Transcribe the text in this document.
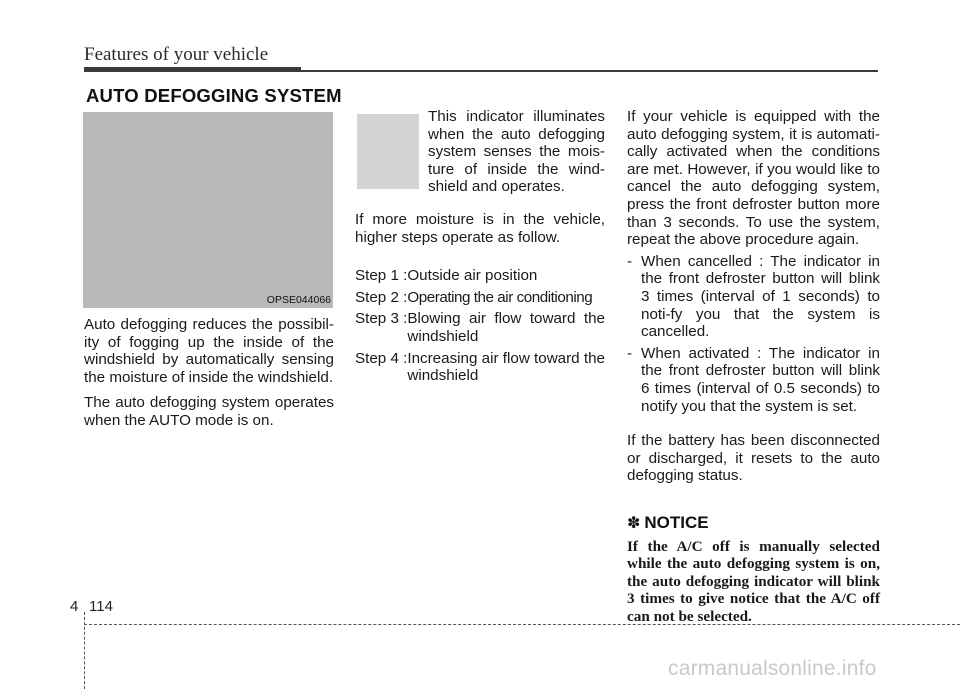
Features of your vehicle
AUTO DEFOGGING SYSTEM
OPSE044066

Auto defogging reduces the possibil-ity of fogging up the inside of the windshield by automatically sensing the moisture of inside the windshield.

The auto defogging system operates when the AUTO mode is on.

This indicator illuminates when the auto defogging system senses the mois-ture of inside the wind-shield and operates.

If more moisture is in the vehicle, higher steps operate as follow.

Step 1 : Outside air position
Step 2 : Operating the air conditioning
Step 3 : Blowing air flow toward the windshield
Step 4 : Increasing air flow toward the windshield

If your vehicle is equipped with the auto defogging system, it is automati-cally activated when the conditions are met. However, if you would like to cancel the auto defogging system, press the front defroster button more than 3 seconds. To use the system, repeat the above procedure again.

- When cancelled : The indicator in the front defroster button will blink 3 times (interval of 1 seconds) to noti-fy you that the system is cancelled.
- When activated : The indicator in the front defroster button will blink 6 times (interval of 0.5 seconds) to notify you that the system is set.

If the battery has been disconnected or discharged, it resets to the auto defogging status.

✽ NOTICE

If the A/C off is manually selected while the auto defogging system is on, the auto defogging indicator will blink 3 times to give notice that the A/C off can not be selected.

4 114
carmanualsonline.info
